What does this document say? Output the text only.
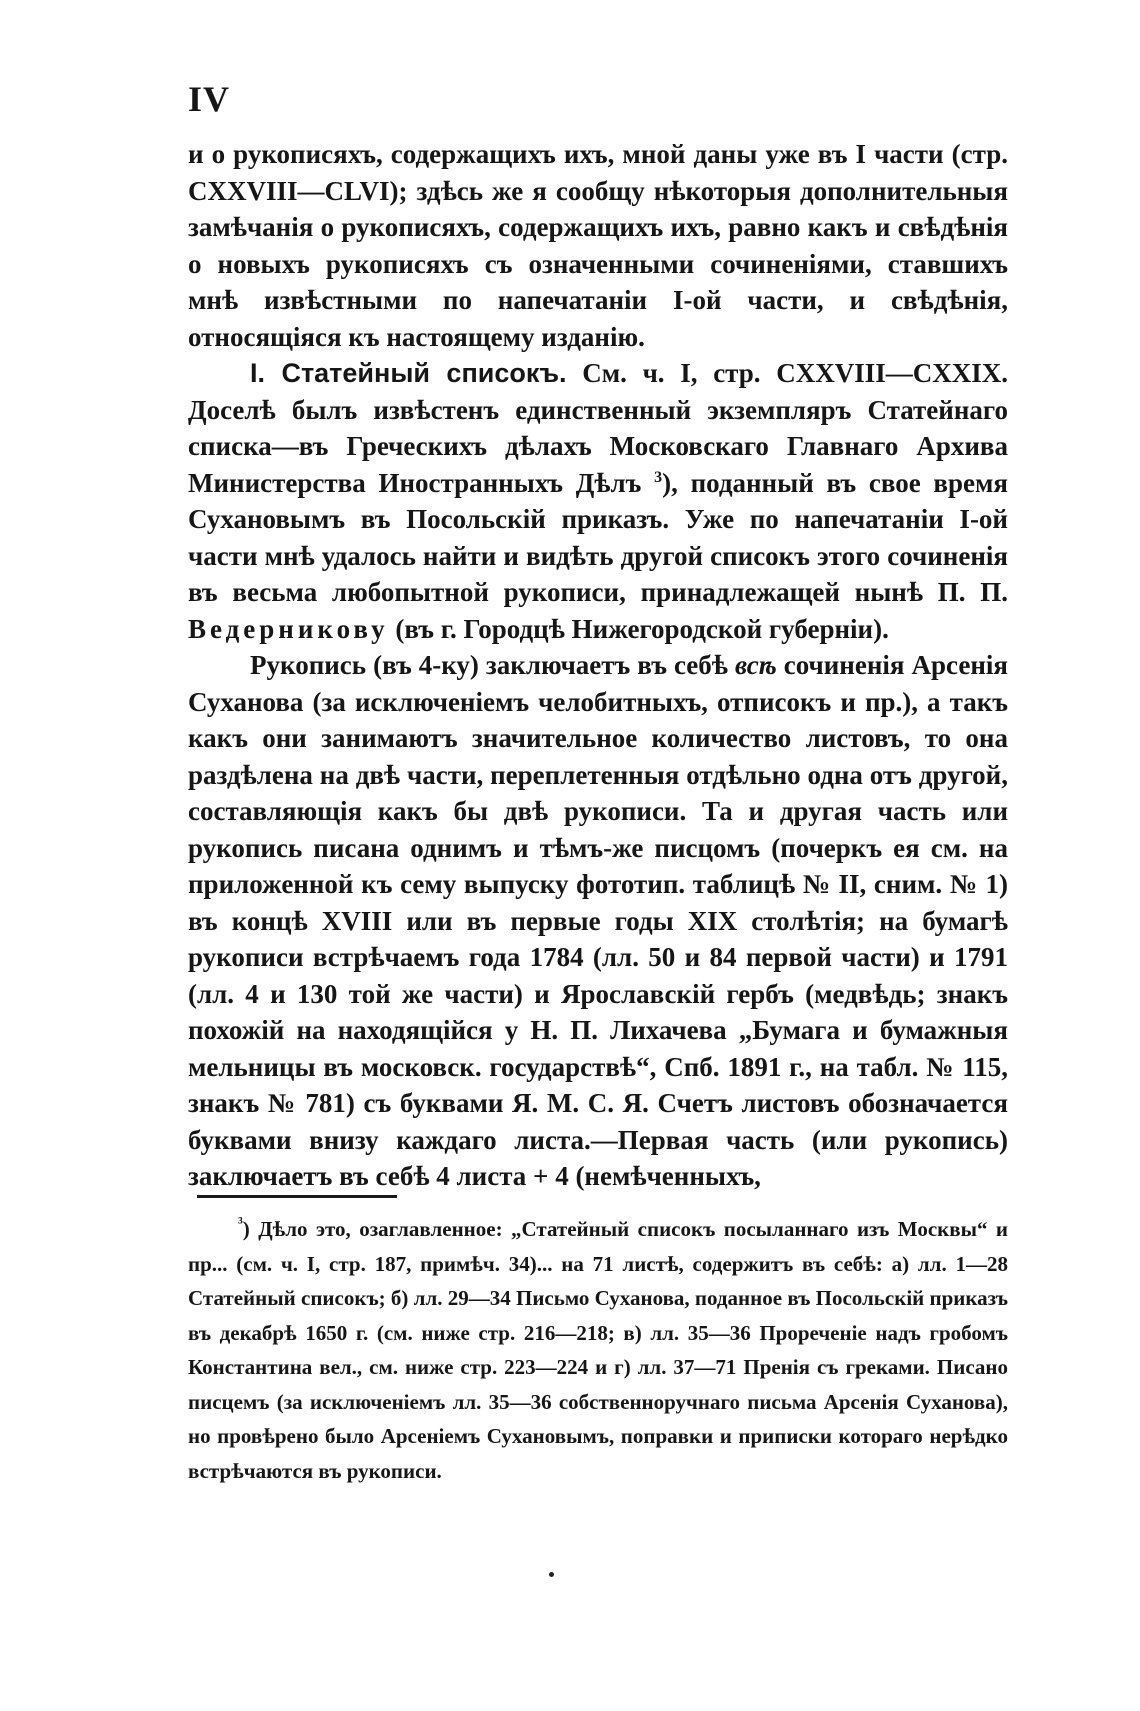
IV

и о рукописяхъ, содержащихъ ихъ, мной даны уже въ I части (стр. CXXVIII—CLVI); здѣсь же я сообщу нѣкоторыя дополнительныя замѣчанія о рукописяхъ, содержащихъ ихъ, равно какъ и свѣдѣнія о новыхъ рукописяхъ съ означенными сочиненіями, ставшихъ мнѣ извѣстными по напечатаніи I-ой части, и свѣдѣнія, относящіяся къ настоящему изданію.

I. Статейный списокъ. См. ч. I, стр. CXXVIII—CXXIX. Доселѣ былъ извѣстенъ единственный экземпляръ Статейнаго списка—въ Греческихъ дѣлахъ Московскаго Главнаго Архива Министерства Иностранныхъ Дѣлъ $^3$), поданный въ свое время Сухановымъ въ Посольскій приказъ. Уже по напечатаніи I-ой части мнѣ удалось найти и видѣть другой списокъ этого сочиненія въ весьма любопытной рукописи, принадлежащей нынѣ П. П. Ведерникову (въ г. Городцѣ Нижегородской губерніи).

Рукопись (въ 4-ку) заключаетъ въ себѣ всѣ сочиненія Арсенія Суханова (за исключеніемъ челобитныхъ, отписокъ и пр.), а такъ какъ они занимаютъ значительное количество листовъ, то она раздѣлена на двѣ части, переплетенныя отдѣльно одна отъ другой, составляющія какъ бы двѣ рукописи. Та и другая часть или рукопись писана однимъ и тѣмъ-же писцомъ (почеркъ ея см. на приложенной къ сему выпуску фототип. таблицѣ № II, сним. № 1) въ концѣ XVIII или въ первые годы XIX столѣтія; на бумагѣ рукописи встрѣчаемъ года 1784 (лл. 50 и 84 первой части) и 1791 (лл. 4 и 130 той же части) и Ярославскій гербъ (медвѣдь; знакъ похожій на находящійся у Н. П. Лихачева „Бумага и бумажныя мельницы въ московск. государствѣ“, Спб. 1891 г., на табл. № 115, знакъ № 781) съ буквами Я. М. С. Я. Счетъ листовъ обозначается буквами внизу каждаго листа.—Первая часть (или рукопись) заключаетъ въ себѣ 4 листа + 4 (немѣченныхъ,

$^{^3}$) Дѣло это, озаглавленное: „Статейный списокъ посыланнаго изъ Москвы“ и пр... (см. ч. I, стр. 187, примѣч. 34)... на 71 листѣ, содержитъ въ себѣ: а) лл. 1—28 Статейный списокъ; б) лл. 29—34 Письмо Суханова, поданное въ Посольскій приказъ въ декабрѣ 1650 г. (см. ниже стр. 216—218; в) лл. 35—36 Прореченіе надъ гробомъ Константина вел., см. ниже стр. 223—224 и г) лл. 37—71 Пренія съ греками. Писано писцемъ (за исключеніемъ лл. 35—36 собственноручнаго письма Арсенія Суханова), но провѣрено было Арсеніемъ Сухановымъ, поправки и приписки котораго нерѣдко встрѣчаются въ рукописи.
